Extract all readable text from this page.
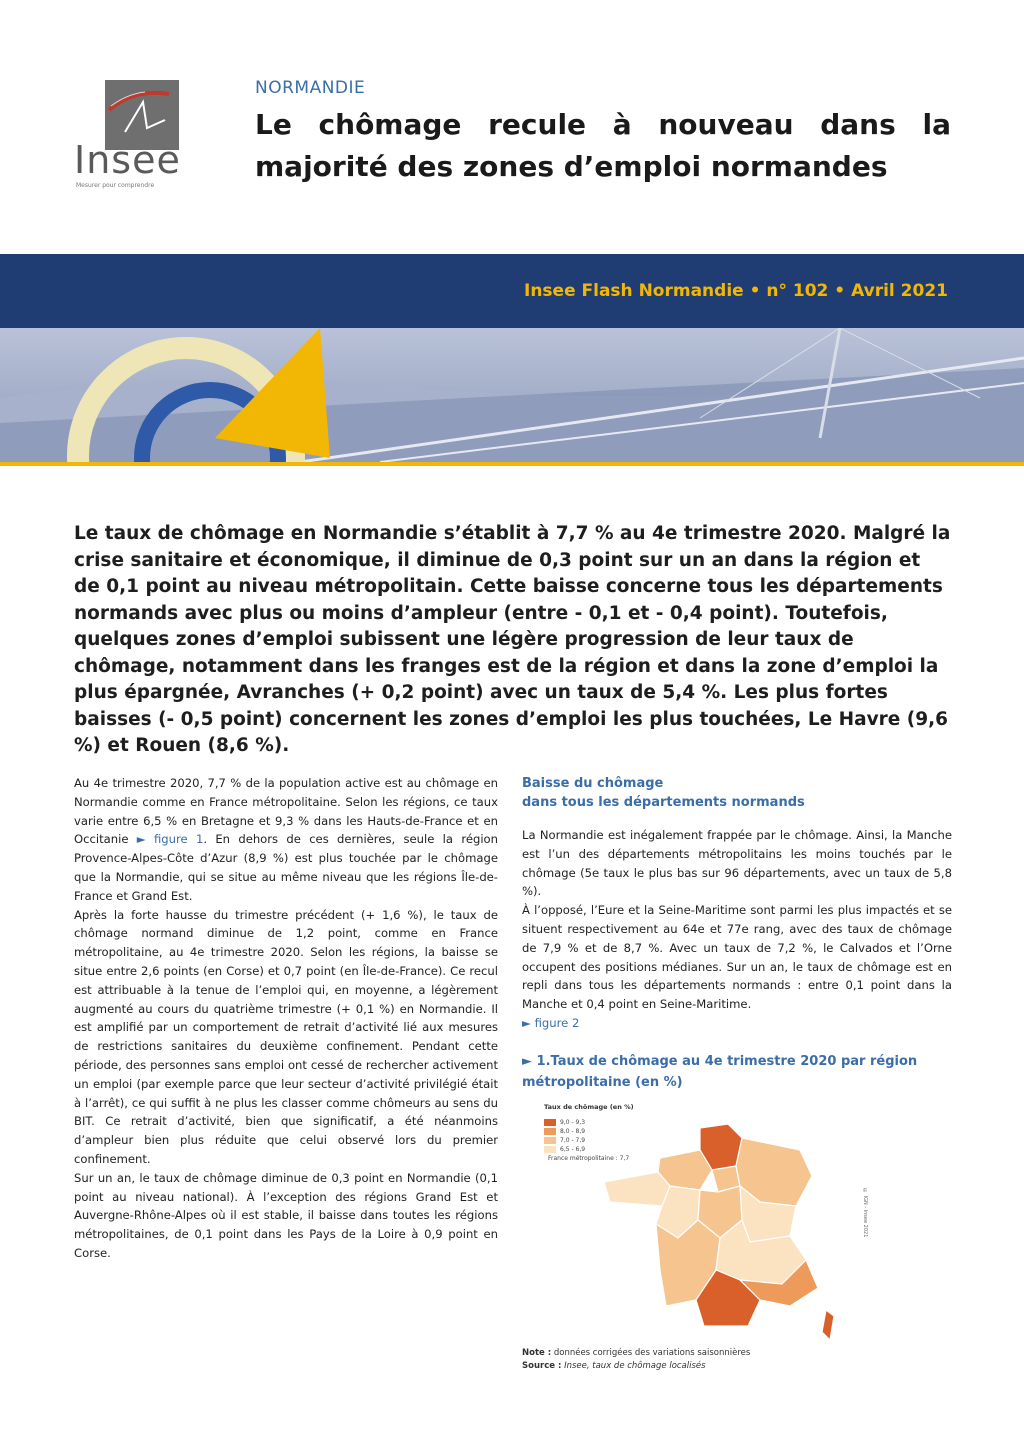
Insee
Mesurer pour comprendre
NORMANDIE
Le chômage recule à nouveau dans la majorité des zones d’emploi normandes
Insee Flash Normandie • n° 102 • Avril 2021

Le taux de chômage en Normandie s’établit à 7,7 % au 4e trimestre 2020. Malgré la crise sanitaire et économique, il diminue de 0,3 point sur un an dans la région et de 0,1 point au niveau métropolitain. Cette baisse concerne tous les départements normands avec plus ou moins d’ampleur (entre - 0,1 et - 0,4 point). Toutefois, quelques zones d’emploi subissent une légère progression de leur taux de chômage, notamment dans les franges est de la région et dans la zone d’emploi la plus épargnée, Avranches (+ 0,2 point) avec un taux de 5,4 %. Les plus fortes baisses (- 0,5 point) concernent les zones d’emploi les plus touchées, Le Havre (9,6 %) et Rouen (8,6 %).

Au 4e trimestre 2020, 7,7 % de la population active est au chômage en Normandie comme en France métropolitaine. Selon les régions, ce taux varie entre 6,5 % en Bretagne et 9,3 % dans les Hauts-de-France et en Occitanie ► figure 1. En dehors de ces dernières, seule la région Provence-Alpes-Côte d’Azur (8,9 %) est plus touchée par le chômage que la Normandie, qui se situe au même niveau que les régions Île-de-France et Grand Est.

Après la forte hausse du trimestre précédent (+ 1,6 %), le taux de chômage normand diminue de 1,2 point, comme en France métropolitaine, au 4e trimestre 2020. Selon les régions, la baisse se situe entre 2,6 points (en Corse) et 0,7 point (en Île-de-France). Ce recul est attribuable à la tenue de l’emploi qui, en moyenne, a légèrement augmenté au cours du quatrième trimestre (+ 0,1 %) en Normandie. Il est amplifié par un comportement de retrait d’activité lié aux mesures de restrictions sanitaires du deuxième confinement. Pendant cette période, des personnes sans emploi ont cessé de rechercher activement un emploi (par exemple parce que leur secteur d’activité privilégié était à l’arrêt), ce qui suffit à ne plus les classer comme chômeurs au sens du BIT. Ce retrait d’activité, bien que significatif, a été néanmoins d’ampleur bien plus réduite que celui observé lors du premier confinement.

Sur un an, le taux de chômage diminue de 0,3 point en Normandie (0,1 point au niveau national). À l’exception des régions Grand Est et Auvergne-Rhône-Alpes où il est stable, il baisse dans toutes les régions métropolitaines, de 0,1 point dans les Pays de la Loire à 0,9 point en Corse.

Baisse du chômage
dans tous les départements normands

La Normandie est inégalement frappée par le chômage. Ainsi, la Manche est l’un des départements métropolitains les moins touchés par le chômage (5e taux le plus bas sur 96 départements, avec un taux de 5,8 %).

À l’opposé, l’Eure et la Seine-Maritime sont parmi les plus impactés et se situent respectivement au 64e et 77e rang, avec des taux de chômage de 7,9 % et de 8,7 %. Avec un taux de 7,2 %, le Calvados et l’Orne occupent des positions médianes. Sur un an, le taux de chômage est en repli dans tous les départements normands : entre 0,1 point dans la Manche et 0,4 point en Seine-Maritime.

► figure 2

► 1.Taux de chômage au 4e trimestre 2020 par région
métropolitaine (en %)
Taux de chômage (en %)
9,0 - 9,3
8,0 - 8,9
7,0 - 7,9
6,5 - 6,9
France métropolitaine : 7,7
© IGN - Insee 2021
Note : données corrigées des variations saisonnières
Source : Insee, taux de chômage localisés
